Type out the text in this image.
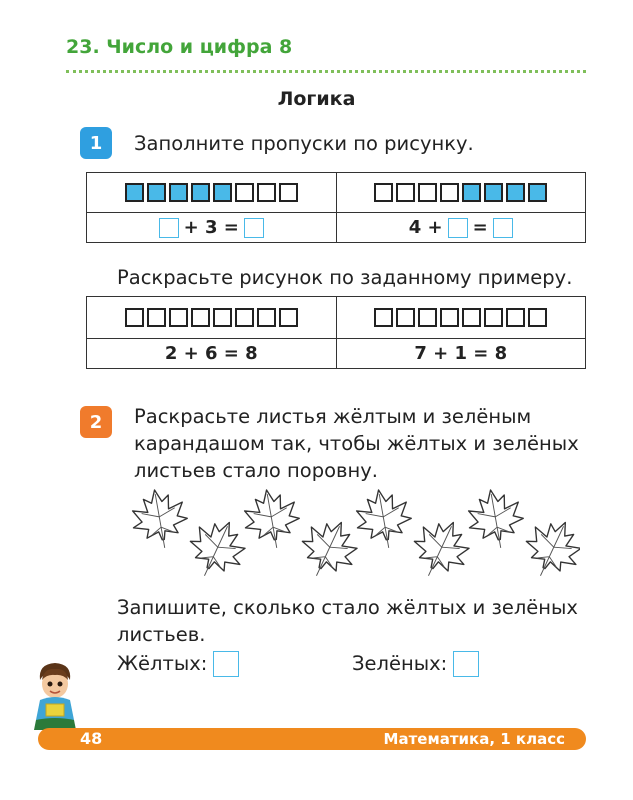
23. Число и цифра 8
Логика
1	Заполните пропуски по рисунку.

+ 3 =	4 + =
Раскрасьте рисунок по заданному примеру.

2 + 6 = 8	7 + 1 = 8
2	Раскрасьте листья жёлтым и зелёным
карандашом так, чтобы жёлтых и зелёных
листьев стало поровну.
Запишите, сколько стало жёлтых и зелёных
листьев.
Жёлтых:	Зелёных:
48	Математика, 1 класс
